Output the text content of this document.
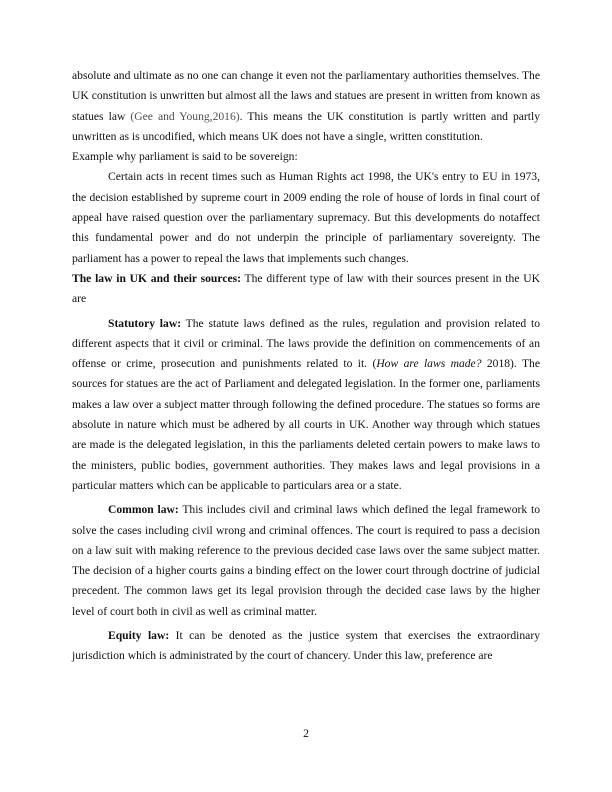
absolute and ultimate as no one can change it even not the parliamentary authorities themselves. The UK constitution is unwritten but almost all the laws and statues are present in written from known as statues law (Gee and Young,2016). This means the UK constitution is partly written and partly unwritten as is uncodified, which means UK does not have a single, written constitution.

Example why parliament is said to be sovereign:

Certain acts in recent times such as Human Rights act 1998, the UK's entry to EU in 1973, the decision established by supreme court in 2009 ending the role of house of lords in final court of appeal have raised question over the parliamentary supremacy. But this developments do notaffect this fundamental power and do not underpin the principle of parliamentary sovereignty. The parliament has a power to repeal the laws that implements such changes.

The law in UK and their sources: The different type of law with their sources present in the UK are

Statutory law: The statute laws defined as the rules, regulation and provision related to different aspects that it civil or criminal. The laws provide the definition on commencements of an offense or crime, prosecution and punishments related to it. (How are laws made? 2018). The sources for statues are the act of Parliament and delegated legislation. In the former one, parliaments makes a law over a subject matter through following the defined procedure. The statues so forms are absolute in nature which must be adhered by all courts in UK. Another way through which statues are made is the delegated legislation, in this the parliaments deleted certain powers to make laws to the ministers, public bodies, government authorities. They makes laws and legal provisions in a particular matters which can be applicable to particulars area or a state.

Common law: This includes civil and criminal laws which defined the legal framework to solve the cases including civil wrong and criminal offences. The court is required to pass a decision on a law suit with making reference to the previous decided case laws over the same subject matter. The decision of a higher courts gains a binding effect on the lower court through doctrine of judicial precedent. The common laws get its legal provision through the decided case laws by the higher level of court both in civil as well as criminal matter.

Equity law: It can be denoted as the justice system that exercises the extraordinary jurisdiction which is administrated by the court of chancery. Under this law, preference are

2
